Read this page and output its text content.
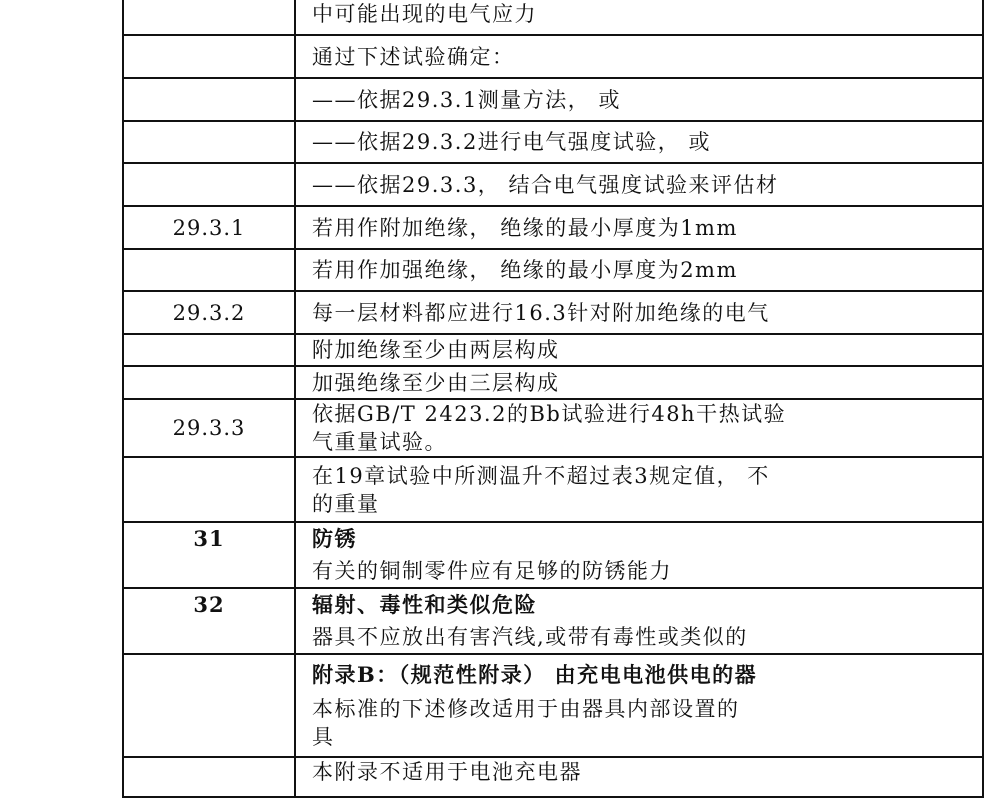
	中可能出现的电气应力
	通过下述试验确定：
	——依据29.3.1测量方法， 或
	——依据29.3.2进行电气强度试验， 或
	——依据29.3.3， 结合电气强度试验来评估材
29.3.1	若用作附加绝缘， 绝缘的最小厚度为1mm
	若用作加强绝缘， 绝缘的最小厚度为2mm
29.3.2	每一层材料都应进行16.3针对附加绝缘的电气
	附加绝缘至少由两层构成
	加强绝缘至少由三层构成
29.3.3	依据GB/T 2423.2的Bb试验进行48h干热试验
气重量试验。

	在19章试验中所测温升不超过表3规定值， 不
的重量

31	防锈
有关的铜制零件应有足够的防锈能力

32	辐射、毒性和类似危险
器具不应放出有害汽线,或带有毒性或类似的

	附录B：（规范性附录） 由充电电池供电的器
本标准的下述修改适用于由器具内部设置的
具

	本附录不适用于电池充电器
